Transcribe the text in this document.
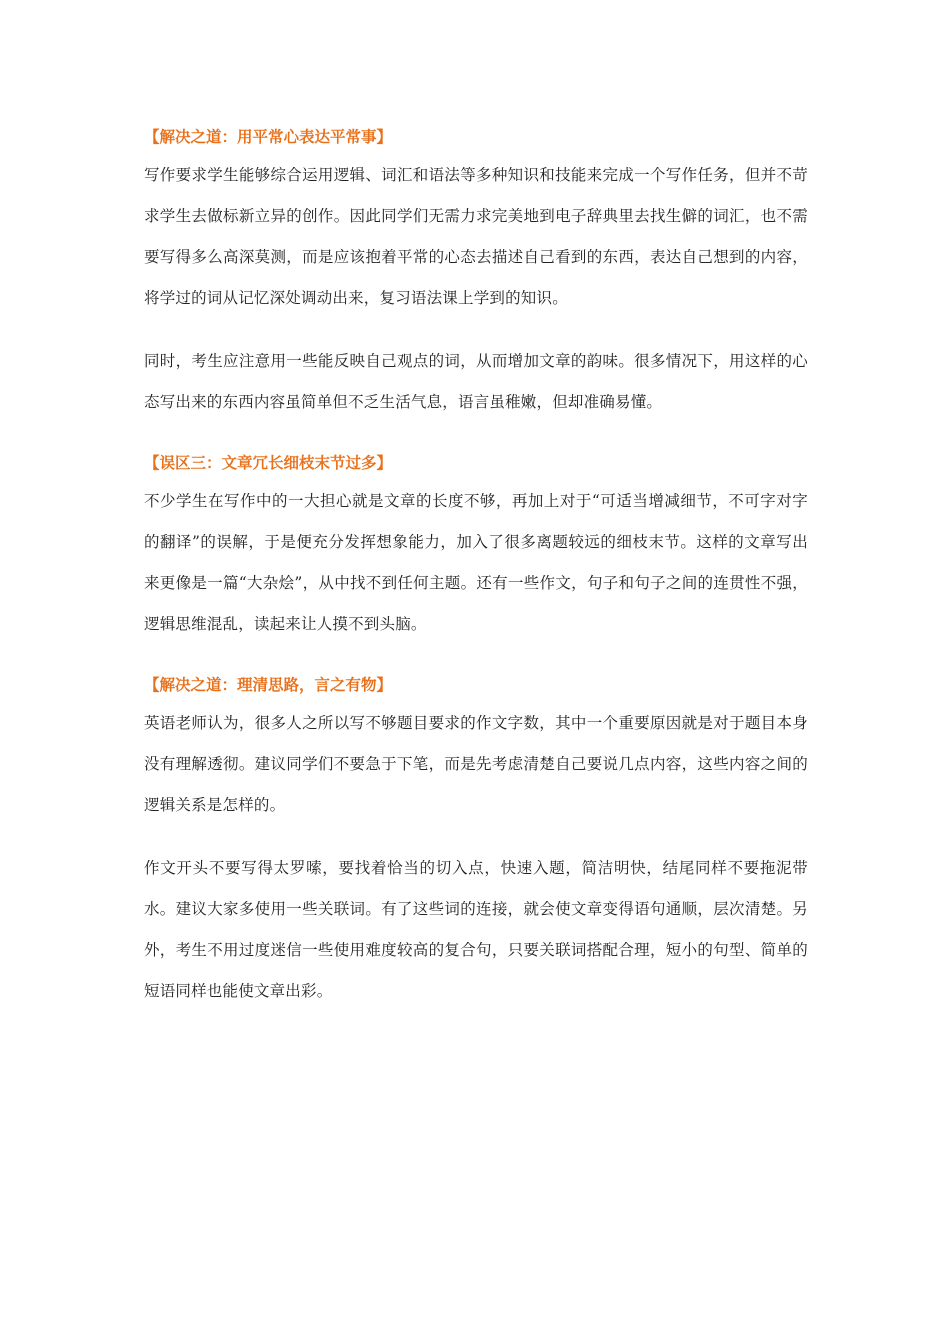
【解决之道：用平常心表达平常事】

写作要求学生能够综合运用逻辑、词汇和语法等多种知识和技能来完成一个写作任务，但并不苛求学生去做标新立异的创作。因此同学们无需力求完美地到电子辞典里去找生僻的词汇，也不需要写得多么高深莫测，而是应该抱着平常的心态去描述自己看到的东西，表达自己想到的内容，将学过的词从记忆深处调动出来，复习语法课上学到的知识。

同时，考生应注意用一些能反映自己观点的词，从而增加文章的韵味。很多情况下，用这样的心态写出来的东西内容虽简单但不乏生活气息，语言虽稚嫩，但却准确易懂。

【误区三：文章冗长细枝末节过多】

不少学生在写作中的一大担心就是文章的长度不够，再加上对于“可适当增减细节，不可字对字的翻译”的误解，于是便充分发挥想象能力，加入了很多离题较远的细枝末节。这样的文章写出来更像是一篇“大杂烩”，从中找不到任何主题。还有一些作文，句子和句子之间的连贯性不强，逻辑思维混乱，读起来让人摸不到头脑。

【解决之道：理清思路，言之有物】

英语老师认为，很多人之所以写不够题目要求的作文字数，其中一个重要原因就是对于题目本身没有理解透彻。建议同学们不要急于下笔，而是先考虑清楚自己要说几点内容，这些内容之间的逻辑关系是怎样的。

作文开头不要写得太罗嗦，要找着恰当的切入点，快速入题，简洁明快，结尾同样不要拖泥带水。建议大家多使用一些关联词。有了这些词的连接，就会使文章变得语句通顺，层次清楚。另外，考生不用过度迷信一些使用难度较高的复合句，只要关联词搭配合理，短小的句型、简单的短语同样也能使文章出彩。
